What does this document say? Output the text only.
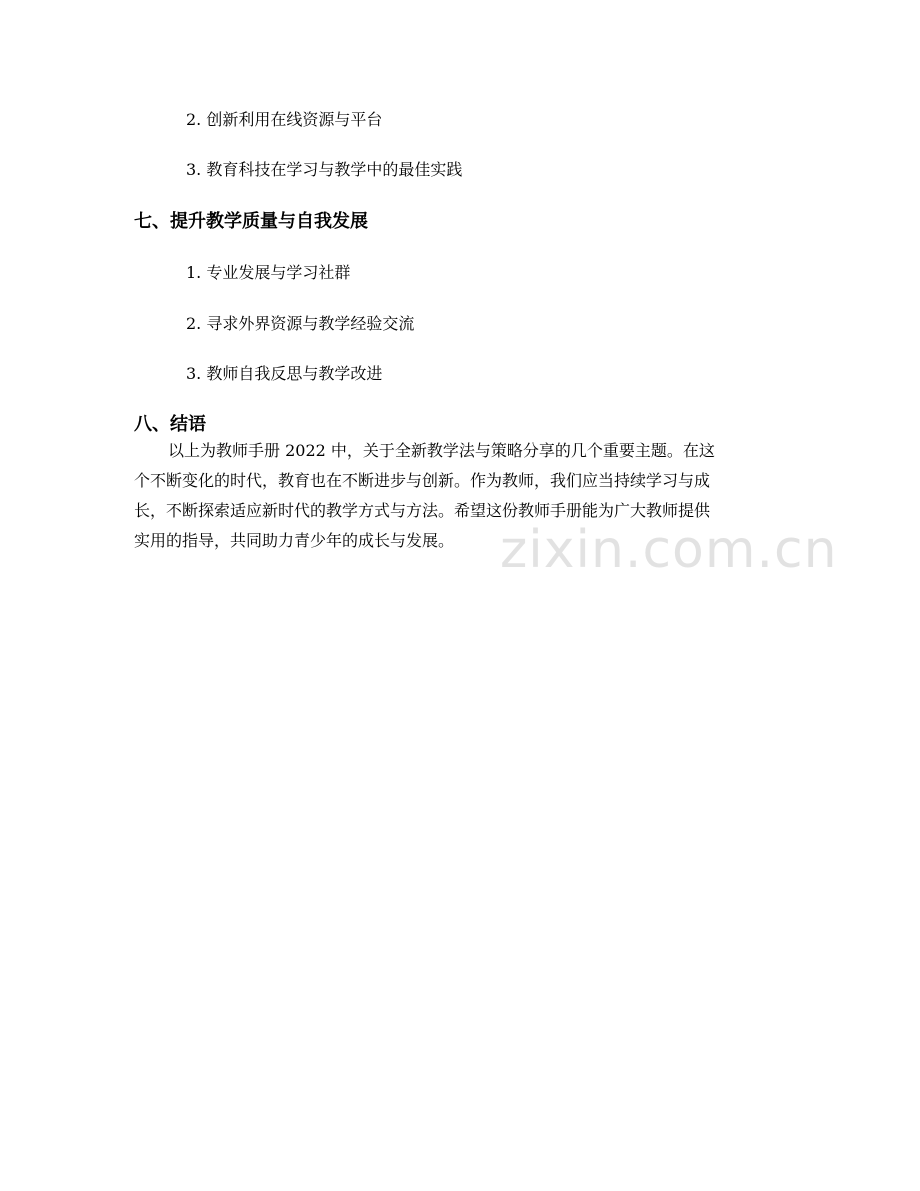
2. 创新利用在线资源与平台
3. 教育科技在学习与教学中的最佳实践
七、提升教学质量与自我发展
1. 专业发展与学习社群
2. 寻求外界资源与教学经验交流
3. 教师自我反思与教学改进
八、结语
以上为教师手册 2022 中，关于全新教学法与策略分享的几个重要主题。在这
个不断变化的时代，教育也在不断进步与创新。作为教师，我们应当持续学习与成
长，不断探索适应新时代的教学方式与方法。希望这份教师手册能为广大教师提供
实用的指导，共同助力青少年的成长与发展。 zixin.com.cn
